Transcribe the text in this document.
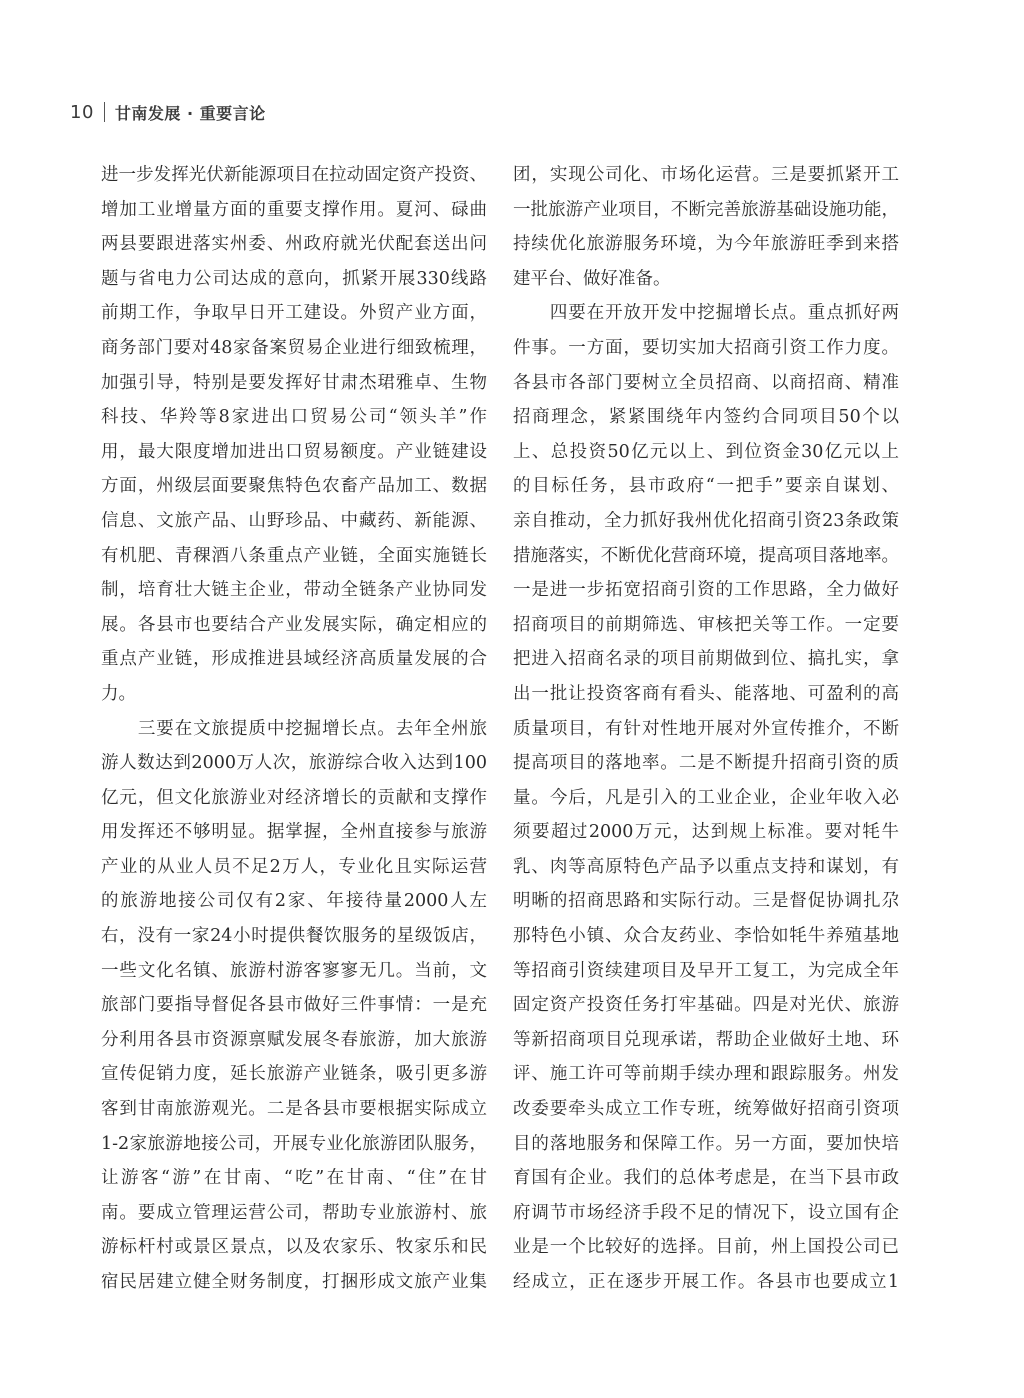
10 甘南发展 · 重要言论
进一步发挥光伏新能源项目在拉动固定资产投资、
增加工业增量方面的重要支撑作用。夏河、碌曲
两县要跟进落实州委、州政府就光伏配套送出问
题与省电力公司达成的意向，抓紧开展330线路
前期工作，争取早日开工建设。外贸产业方面，
商务部门要对48家备案贸易企业进行细致梳理，
加强引导，特别是要发挥好甘肃杰珺雅卓、生物
科技、华羚等8家进出口贸易公司“领头羊”作
用，最大限度增加进出口贸易额度。产业链建设
方面，州级层面要聚焦特色农畜产品加工、数据
信息、文旅产品、山野珍品、中藏药、新能源、
有机肥、青稞酒八条重点产业链，全面实施链长
制，培育壮大链主企业，带动全链条产业协同发
展。各县市也要结合产业发展实际，确定相应的
重点产业链，形成推进县域经济高质量发展的合
力。
　　三要在文旅提质中挖掘增长点。去年全州旅
游人数达到2000万人次，旅游综合收入达到100
亿元，但文化旅游业对经济增长的贡献和支撑作
用发挥还不够明显。据掌握，全州直接参与旅游
产业的从业人员不足2万人，专业化且实际运营
的旅游地接公司仅有2家、年接待量2000人左
右，没有一家24小时提供餐饮服务的星级饭店，
一些文化名镇、旅游村游客寥寥无几。当前，文
旅部门要指导督促各县市做好三件事情：一是充
分利用各县市资源禀赋发展冬春旅游，加大旅游
宣传促销力度，延长旅游产业链条，吸引更多游
客到甘南旅游观光。二是各县市要根据实际成立
1-2家旅游地接公司，开展专业化旅游团队服务，
让游客“游”在甘南、“吃”在甘南、“住”在甘
南。要成立管理运营公司，帮助专业旅游村、旅
游标杆村或景区景点，以及农家乐、牧家乐和民
宿民居建立健全财务制度，打捆形成文旅产业集
团，实现公司化、市场化运营。三是要抓紧开工
一批旅游产业项目，不断完善旅游基础设施功能，
持续优化旅游服务环境，为今年旅游旺季到来搭
建平台、做好准备。
　　四要在开放开发中挖掘增长点。重点抓好两
件事。一方面，要切实加大招商引资工作力度。
各县市各部门要树立全员招商、以商招商、精准
招商理念，紧紧围绕年内签约合同项目50个以
上、总投资50亿元以上、到位资金30亿元以上
的目标任务，县市政府“一把手”要亲自谋划、
亲自推动，全力抓好我州优化招商引资23条政策
措施落实，不断优化营商环境，提高项目落地率。
一是进一步拓宽招商引资的工作思路，全力做好
招商项目的前期筛选、审核把关等工作。一定要
把进入招商名录的项目前期做到位、搞扎实，拿
出一批让投资客商有看头、能落地、可盈利的高
质量项目，有针对性地开展对外宣传推介，不断
提高项目的落地率。二是不断提升招商引资的质
量。今后，凡是引入的工业企业，企业年收入必
须要超过2000万元，达到规上标准。要对牦牛
乳、肉等高原特色产品予以重点支持和谋划，有
明晰的招商思路和实际行动。三是督促协调扎尕
那特色小镇、众合友药业、李恰如牦牛养殖基地
等招商引资续建项目及早开工复工，为完成全年
固定资产投资任务打牢基础。四是对光伏、旅游
等新招商项目兑现承诺，帮助企业做好土地、环
评、施工许可等前期手续办理和跟踪服务。州发
改委要牵头成立工作专班，统筹做好招商引资项
目的落地服务和保障工作。另一方面，要加快培
育国有企业。我们的总体考虑是，在当下县市政
府调节市场经济手段不足的情况下，设立国有企
业是一个比较好的选择。目前，州上国投公司已
经成立，正在逐步开展工作。各县市也要成立1
